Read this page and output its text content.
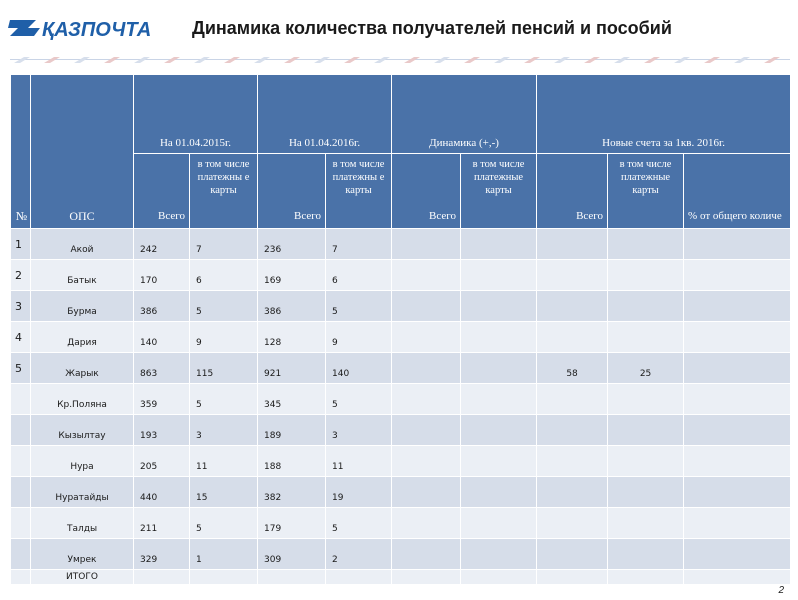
ҚАЗПОЧТА Динамика количества получателей пенсий и пособий
№	ОПС	На 01.04.2015г.		На 01.04.2016г.		Динамика (+,-)		Новые счета за 1кв. 2016г.		
		Всего	в том числе платежны е карты	Всего	в том числе платежны е карты	Всего	в том числе платежные карты	Всего	в том числе платежные карты	% от общего количе
1	Акой	242	7	236	7					
2	Батык	170	6	169	6					
3	Бурма	386	5	386	5					
4	Дария	140	9	128	9					
5	Жарык	863	115	921	140			58	25	
	Кр.Поляна	359	5	345	5					
	Кызылтау	193	3	189	3					
	Нура	205	11	188	11					
	Нуратайды	440	15	382	19					
	Талды	211	5	179	5					
	Умрек	329	1	309	2					
	ИТОГО									
2
